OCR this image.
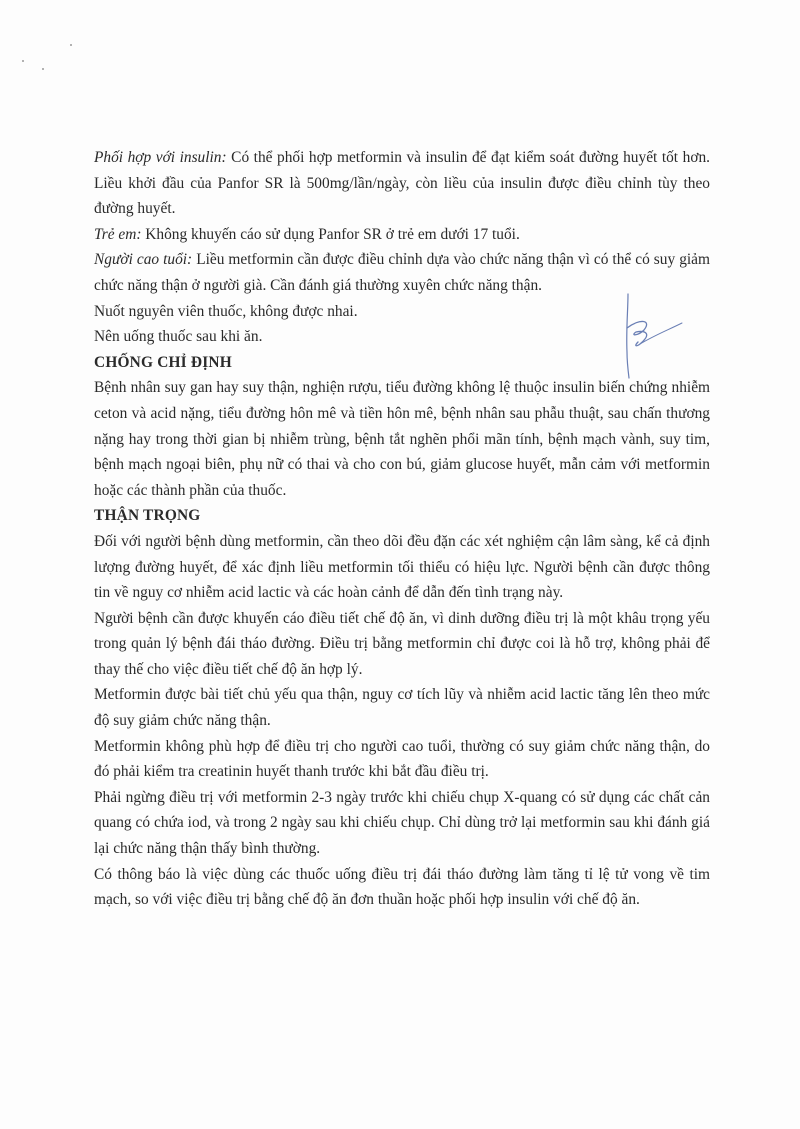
Phối hợp với insulin: Có thể phối hợp metformin và insulin để đạt kiểm soát đường huyết tốt hơn. Liều khởi đầu của Panfor SR là 500mg/lần/ngày, còn liều của insulin được điều chỉnh tùy theo đường huyết.

Trẻ em: Không khuyến cáo sử dụng Panfor SR ở trẻ em dưới 17 tuổi.

Người cao tuổi: Liều metformin cần được điều chỉnh dựa vào chức năng thận vì có thể có suy giảm chức năng thận ở người già. Cần đánh giá thường xuyên chức năng thận.

Nuốt nguyên viên thuốc, không được nhai.

Nên uống thuốc sau khi ăn.

CHỐNG CHỈ ĐỊNH

Bệnh nhân suy gan hay suy thận, nghiện rượu, tiểu đường không lệ thuộc insulin biến chứng nhiễm ceton và acid nặng, tiểu đường hôn mê và tiền hôn mê, bệnh nhân sau phẫu thuật, sau chấn thương nặng hay trong thời gian bị nhiễm trùng, bệnh tắt nghẽn phổi mãn tính, bệnh mạch vành, suy tim, bệnh mạch ngoại biên, phụ nữ có thai và cho con bú, giảm glucose huyết, mẫn cảm với metformin hoặc các thành phần của thuốc.

THẬN TRỌNG

Đối với người bệnh dùng metformin, cần theo dõi đều đặn các xét nghiệm cận lâm sàng, kể cả định lượng đường huyết, để xác định liều metformin tối thiểu có hiệu lực. Người bệnh cần được thông tin về nguy cơ nhiễm acid lactic và các hoàn cảnh để dẫn đến tình trạng này.

Người bệnh cần được khuyến cáo điều tiết chế độ ăn, vì dinh dưỡng điều trị là một khâu trọng yếu trong quản lý bệnh đái tháo đường. Điều trị bằng metformin chỉ được coi là hỗ trợ, không phải để thay thế cho việc điều tiết chế độ ăn hợp lý.

Metformin được bài tiết chủ yếu qua thận, nguy cơ tích lũy và nhiễm acid lactic tăng lên theo mức độ suy giảm chức năng thận.

Metformin không phù hợp để điều trị cho người cao tuổi, thường có suy giảm chức năng thận, do đó phải kiểm tra creatinin huyết thanh trước khi bắt đầu điều trị.

Phải ngừng điều trị với metformin 2-3 ngày trước khi chiếu chụp X-quang có sử dụng các chất cản quang có chứa iod, và trong 2 ngày sau khi chiếu chụp. Chỉ dùng trở lại metformin sau khi đánh giá lại chức năng thận thấy bình thường.

Có thông báo là việc dùng các thuốc uống điều trị đái tháo đường làm tăng tỉ lệ tử vong về tim mạch, so với việc điều trị bằng chế độ ăn đơn thuần hoặc phối hợp insulin với chế độ ăn.
